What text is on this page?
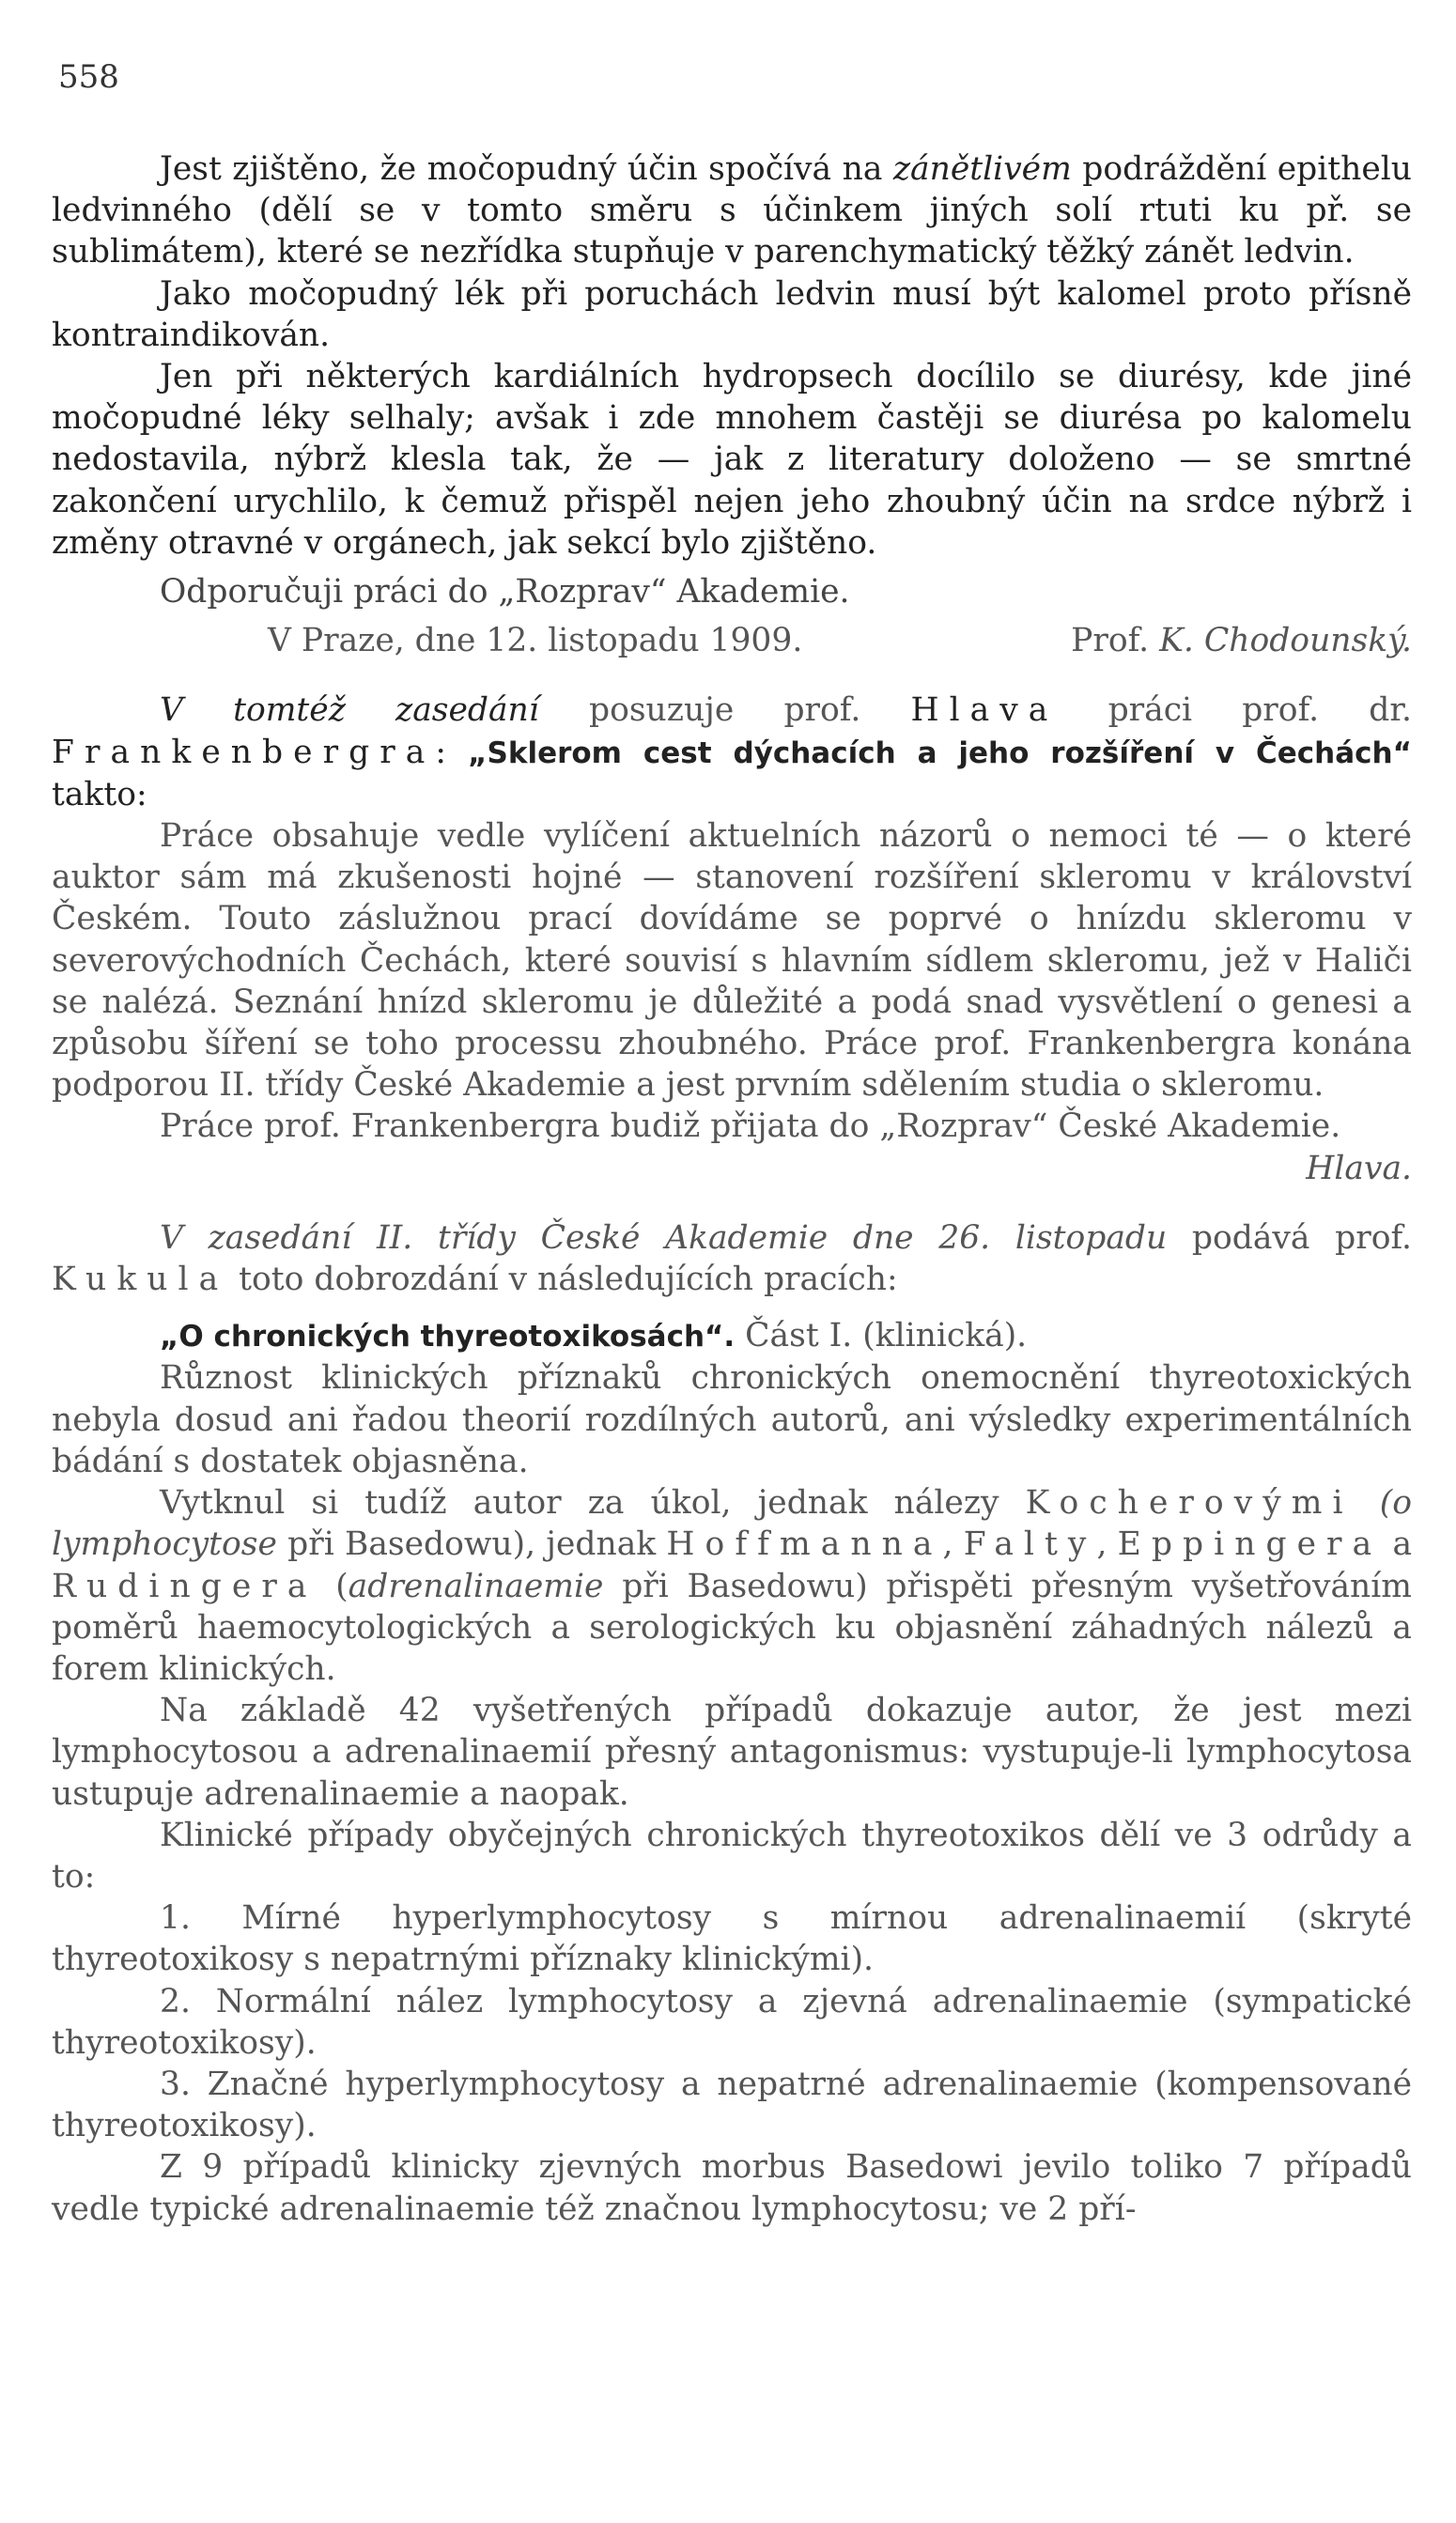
558

Jest zjištěno, že močopudný účin spočívá na zánětlivém podráždění epithelu ledvinného (dělí se v tomto směru s účinkem jiných solí rtuti ku př. se sublimátem), které se nezřídka stupňuje v parenchymatický těžký zánět ledvin.

Jako močopudný lék při poruchách ledvin musí být kalomel proto přísně kontraindikován.

Jen při některých kardiálních hydropsech docílilo se diurésy, kde jiné močopudné léky selhaly; avšak i zde mnohem častěji se diurésa po kalomelu nedostavila, nýbrž klesla tak, že — jak z literatury doloženo — se smrtné zakončení urychlilo, k čemuž přispěl nejen jeho zhoubný účin na srdce nýbrž i změny otravné v orgánech, jak sekcí bylo zjištěno.

Odporučuji práci do „Rozprav“ Akademie.

V Praze, dne 12. listopadu 1909.	Prof. K. Chodounský.

V tomtéž zasedání posuzuje prof. Hlava práci prof. dr. Frankenbergra: „Sklerom cest dýchacích a jeho rozšíření v Čechách“ takto:

Práce obsahuje vedle vylíčení aktuelních názorů o nemoci té — o které auktor sám má zkušenosti hojné — stanovení rozšíření skleromu v království Českém. Touto záslužnou prací dovídáme se poprvé o hnízdu skleromu v severovýchodních Čechách, které souvisí s hlavním sídlem skleromu, jež v Haliči se nalézá. Seznání hnízd skleromu je důležité a podá snad vysvětlení o genesi a způsobu šíření se toho processu zhoubného. Práce prof. Frankenbergra konána podporou II. třídy České Akademie a jest prvním sdělením studia o skleromu.

Práce prof. Frankenbergra budiž přijata do „Rozprav“ České Akademie.

Hlava.

V zasedání II. třídy České Akademie dne 26. listopadu podává prof. Kukula toto dobrozdání v následujících pracích:

„O chronických thyreotoxikosách“. Část I. (klinická).

Různost klinických příznaků chronických onemocnění thyreotoxických nebyla dosud ani řadou theorií rozdílných autorů, ani výsledky experimentálních bádání s dostatek objasněna.

Vytknul si tudíž autor za úkol, jednak nálezy Kocherovými (o lymphocytose při Basedowu), jednak Hoffmanna, Falty, Eppingera a Rudingera (adrenalinaemie při Basedowu) přispěti přesným vyšetřováním poměrů haemocytologických a serologických ku objasnění záhadných nálezů a forem klinických.

Na základě 42 vyšetřených případů dokazuje autor, že jest mezi lymphocytosou a adrenalinaemií přesný antagonismus: vystupuje-li lymphocytosa ustupuje adrenalinaemie a naopak.

Klinické případy obyčejných chronických thyreotoxikos dělí ve 3 odrůdy a to:

1. Mírné hyperlymphocytosy s mírnou adrenalinaemií (skryté thyreotoxikosy s nepatrnými příznaky klinickými).

2. Normální nález lymphocytosy a zjevná adrenalinaemie (sympatické thyreotoxikosy).

3. Značné hyperlymphocytosy a nepatrné adrenalinaemie (kompensované thyreotoxikosy).

Z 9 případů klinicky zjevných morbus Basedowi jevilo toliko 7 případů vedle typické adrenalinaemie též značnou lymphocytosu; ve 2 pří-
